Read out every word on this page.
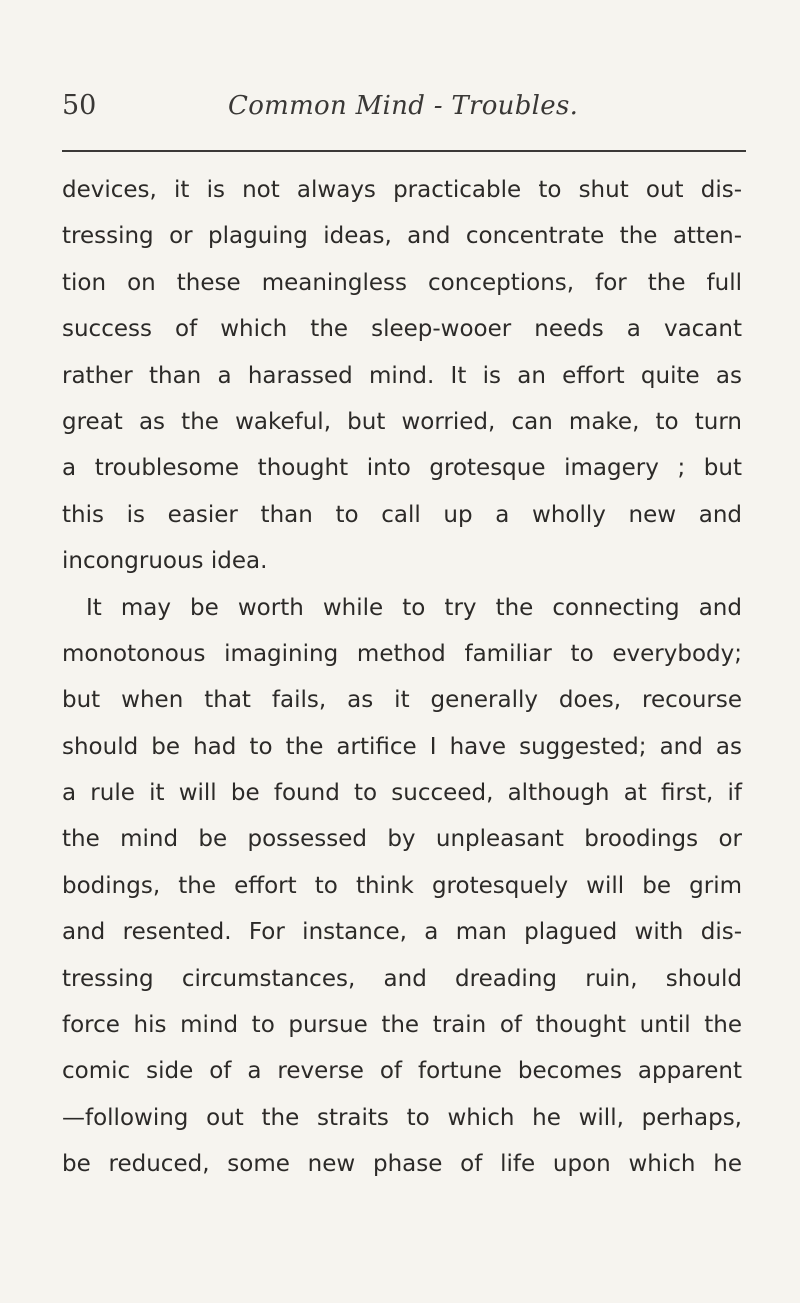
50	Common Mind - Troubles.
devices, it is not always practicable to shut out dis-
tressing or plaguing ideas, and concentrate the atten-
tion on these meaningless conceptions, for the full
success of which the sleep-wooer needs a vacant
rather than a harassed mind. It is an effort quite as
great as the wakeful, but worried, can make, to turn
a troublesome thought into grotesque imagery ; but
this is easier than to call up a wholly new and
incongruous idea.
It may be worth while to try the connecting and
monotonous imagining method familiar to everybody;
but when that fails, as it generally does, recourse
should be had to the artifice I have suggested; and as
a rule it will be found to succeed, although at first, if
the mind be possessed by unpleasant broodings or
bodings, the effort to think grotesquely will be grim
and resented. For instance, a man plagued with dis-
tressing circumstances, and dreading ruin, should
force his mind to pursue the train of thought until the
comic side of a reverse of fortune becomes apparent
—following out the straits to which he will, perhaps,
be reduced, some new phase of life upon which he
